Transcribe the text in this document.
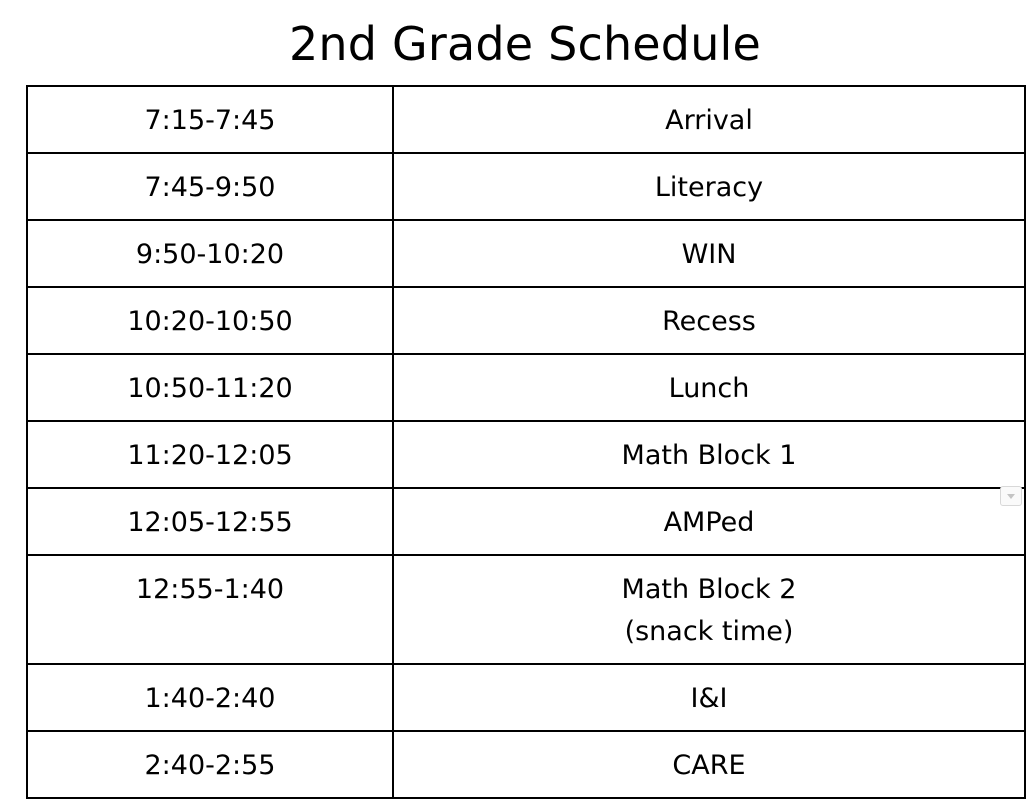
2nd Grade Schedule
7:15-7:45	Arrival

7:45-9:50	Literacy

9:50-10:20	WIN

10:20-10:50	Recess

10:50-11:20	Lunch

11:20-12:05	Math Block 1

12:05-12:55	AMPed

12:55-1:40	Math Block 2
(snack time)

1:40-2:40	I&I

2:40-2:55	CARE
